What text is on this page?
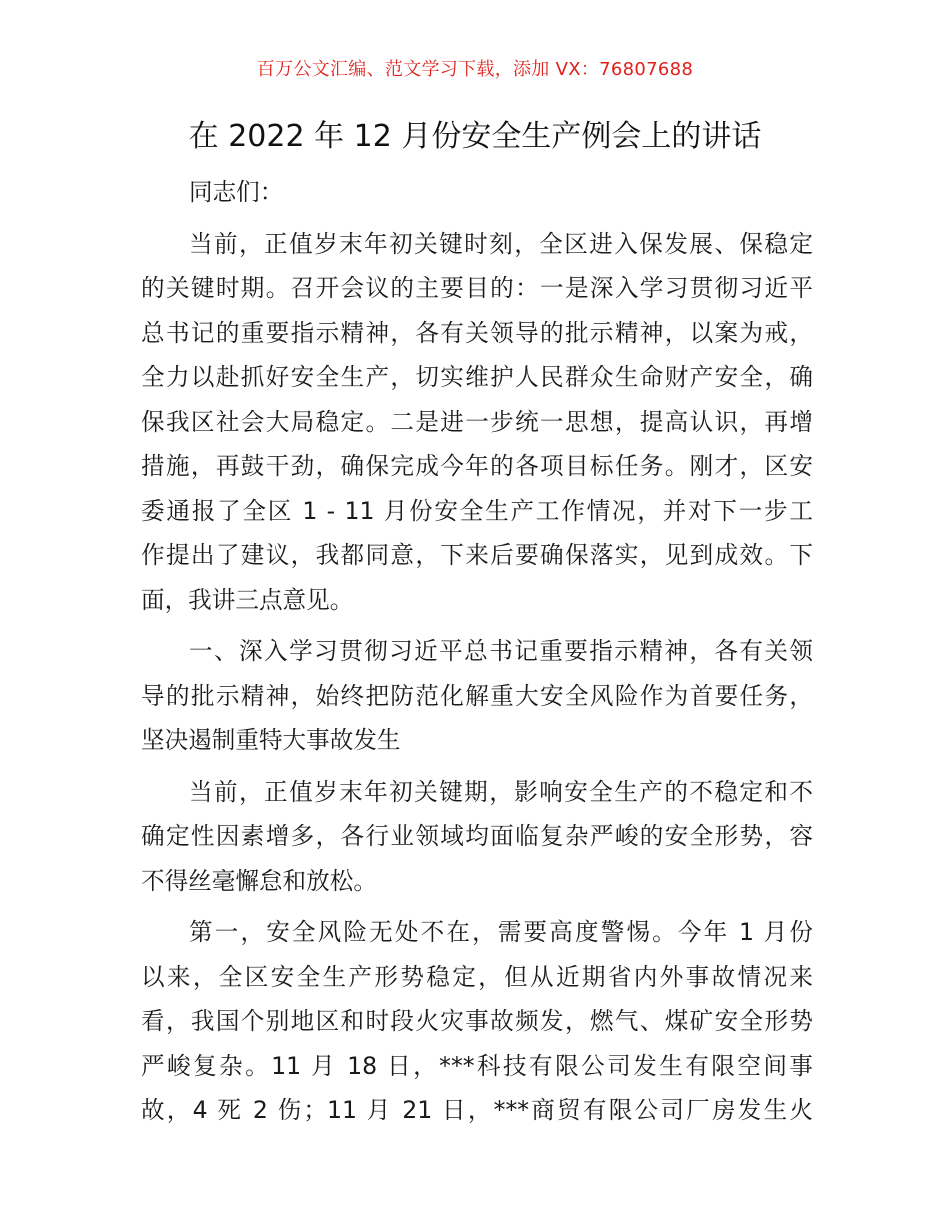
百万公文汇编、范文学习下载，添加 VX：76807688
在 2022 年 12 月份安全生产例会上的讲话
同志们：
当前，正值岁末年初关键时刻，全区进入保发展、保稳定
的关键时期。召开会议的主要目的：一是深入学习贯彻习近平
总书记的重要指示精神，各有关领导的批示精神，以案为戒，
全力以赴抓好安全生产，切实维护人民群众生命财产安全，确
保我区社会大局稳定。二是进一步统一思想，提高认识，再增
措施，再鼓干劲，确保完成今年的各项目标任务。刚才，区安
委通报了全区 1 - 11 月份安全生产工作情况，并对下一步工
作提出了建议，我都同意，下来后要确保落实，见到成效。下
面，我讲三点意见。
一、深入学习贯彻习近平总书记重要指示精神，各有关领
导的批示精神，始终把防范化解重大安全风险作为首要任务，
坚决遏制重特大事故发生
当前，正值岁末年初关键期，影响安全生产的不稳定和不
确定性因素增多，各行业领域均面临复杂严峻的安全形势，容
不得丝毫懈怠和放松。
第一，安全风险无处不在，需要高度警惕。今年 1 月份
以来，全区安全生产形势稳定，但从近期省内外事故情况来
看，我国个别地区和时段火灾事故频发，燃气、煤矿安全形势
严峻复杂。11 月 18 日，***科技有限公司发生有限空间事
故，4 死 2 伤；11 月 21 日，***商贸有限公司厂房发生火
